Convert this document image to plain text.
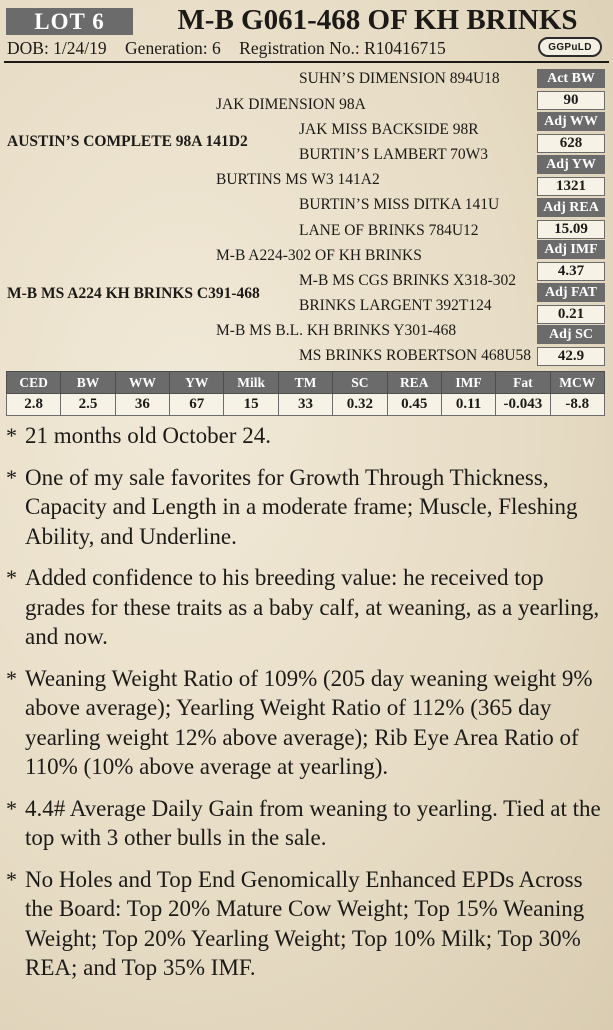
LOT 6	M-B G061-468 OF KH BRINKS
DOB: 1/24/19 Generation: 6 Registration No.: R10416715	GGPuLD
SUHN’S DIMENSION 894U18
JAK DIMENSION 98A
JAK MISS BACKSIDE 98R
AUSTIN’S COMPLETE 98A 141D2
BURTIN’S LAMBERT 70W3
BURTINS MS W3 141A2
BURTIN’S MISS DITKA 141U
LANE OF BRINKS 784U12
M-B A224-302 OF KH BRINKS
M-B MS CGS BRINKS X318-302
M-B MS A224 KH BRINKS C391-468
BRINKS LARGENT 392T124
M-B MS B.L. KH BRINKS Y301-468
MS BRINKS ROBERTSON 468U58
Act BW
90
Adj WW
628
Adj YW
1321
Adj REA
15.09
Adj IMF
4.37
Adj FAT
0.21
Adj SC
42.9
CED	BW	WW	YW	Milk	TM	SC	REA	IMF	Fat	MCW
2.8	2.5	36	67	15	33	0.32	0.45	0.11	-0.043	-8.8
* 21 months old October 24.
* One of my sale favorites for Growth Through Thickness, Capacity and Length in a moderate frame; Muscle, Fleshing Ability, and Underline.
* Added confidence to his breeding value: he received top grades for these traits as a baby calf, at weaning, as a yearling, and now.
* Weaning Weight Ratio of 109% (205 day weaning weight 9% above average); Yearling Weight Ratio of 112% (365 day yearling weight 12% above average); Rib Eye Area Ratio of 110% (10% above average at yearling).
* 4.4# Average Daily Gain from weaning to yearling. Tied at the top with 3 other bulls in the sale.
* No Holes and Top End Genomically Enhanced EPDs Across the Board: Top 20% Mature Cow Weight; Top 15% Weaning Weight; Top 20% Yearling Weight; Top 10% Milk; Top 30% REA; and Top 35% IMF.
